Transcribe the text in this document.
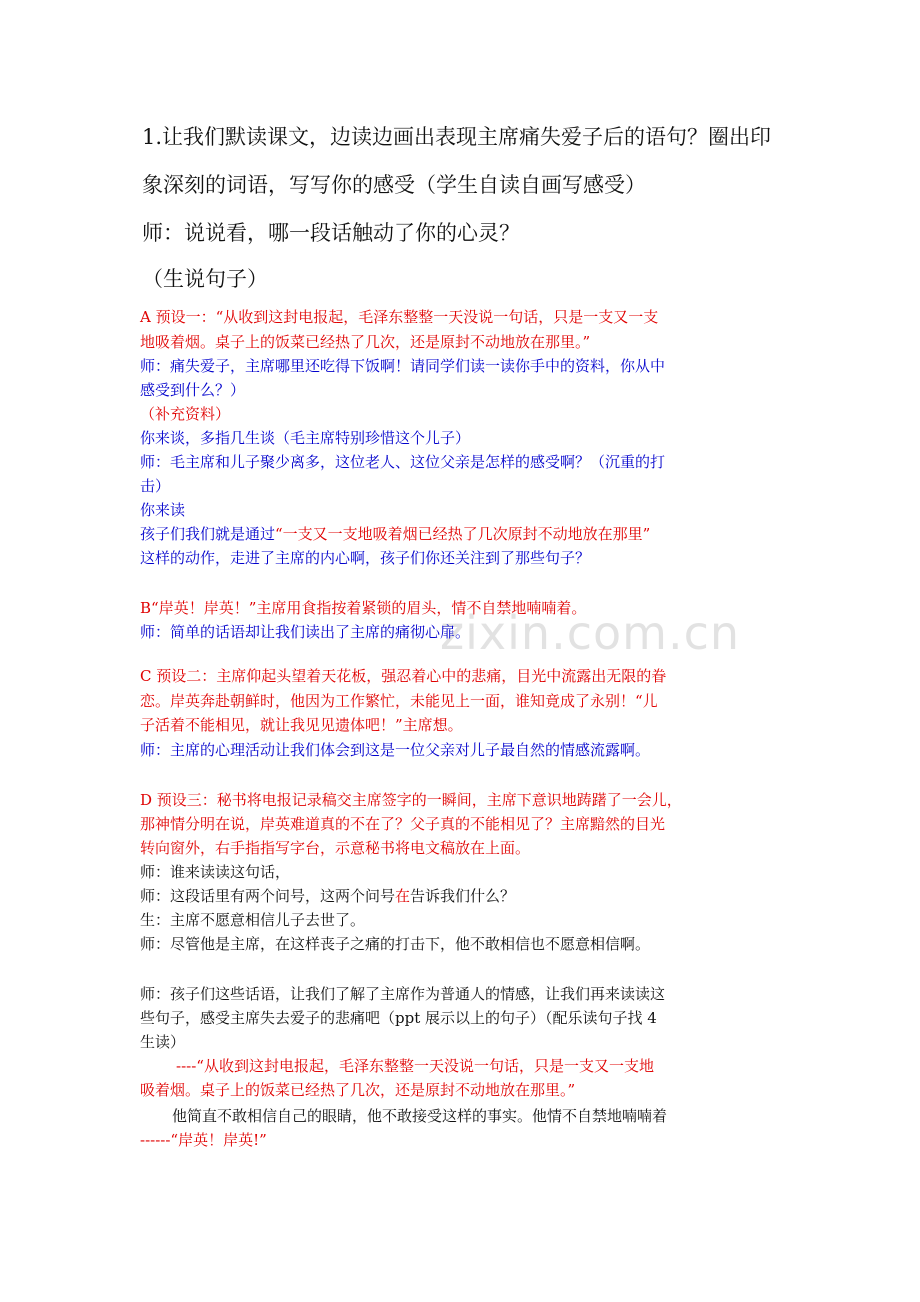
zixin.com.cn
1.让我们默读课文，边读边画出表现主席痛失爱子后的语句？圈出印
象深刻的词语，写写你的感受（学生自读自画写感受）
师：说说看，哪一段话触动了你的心灵？
（生说句子）
A 预设一：“从收到这封电报起，毛泽东整整一天没说一句话，只是一支又一支
地吸着烟。桌子上的饭菜已经热了几次，还是原封不动地放在那里。”
师：痛失爱子，主席哪里还吃得下饭啊！请同学们读一读你手中的资料，你从中
感受到什么？）
（补充资料）
你来谈，多指几生谈（毛主席特别珍惜这个儿子）
师：毛主席和儿子聚少离多，这位老人、这位父亲是怎样的感受啊？（沉重的打
击）
你来读
孩子们我们就是通过“一支又一支地吸着烟已经热了几次原封不动地放在那里”
这样的动作，走进了主席的内心啊，孩子们你还关注到了那些句子？
B“岸英！岸英！”主席用食指按着紧锁的眉头，情不自禁地喃喃着。
师：简单的话语却让我们读出了主席的痛彻心扉。
C 预设二：主席仰起头望着天花板，强忍着心中的悲痛，目光中流露出无限的眷
恋。岸英奔赴朝鲜时，他因为工作繁忙，未能见上一面，谁知竟成了永别！“儿
子活着不能相见，就让我见见遗体吧！”主席想。
师：主席的心理活动让我们体会到这是一位父亲对儿子最自然的情感流露啊。
D 预设三：秘书将电报记录稿交主席签字的一瞬间，主席下意识地踌躇了一会儿，
那神情分明在说，岸英难道真的不在了？父子真的不能相见了？主席黯然的目光
转向窗外，右手指指写字台，示意秘书将电文稿放在上面。
师：谁来读读这句话，
师：这段话里有两个问号，这两个问号在告诉我们什么？
生：主席不愿意相信儿子去世了。
师：尽管他是主席，在这样丧子之痛的打击下，他不敢相信也不愿意相信啊。
师：孩子们这些话语，让我们了解了主席作为普通人的情感，让我们再来读读这
些句子，感受主席失去爱子的悲痛吧（ppt 展示以上的句子）（配乐读句子找 4
生读）
----“从收到这封电报起，毛泽东整整一天没说一句话，只是一支又一支地
吸着烟。桌子上的饭菜已经热了几次，还是原封不动地放在那里。”
他简直不敢相信自己的眼睛，他不敢接受这样的事实。他情不自禁地喃喃着
------“岸英！岸英!”
